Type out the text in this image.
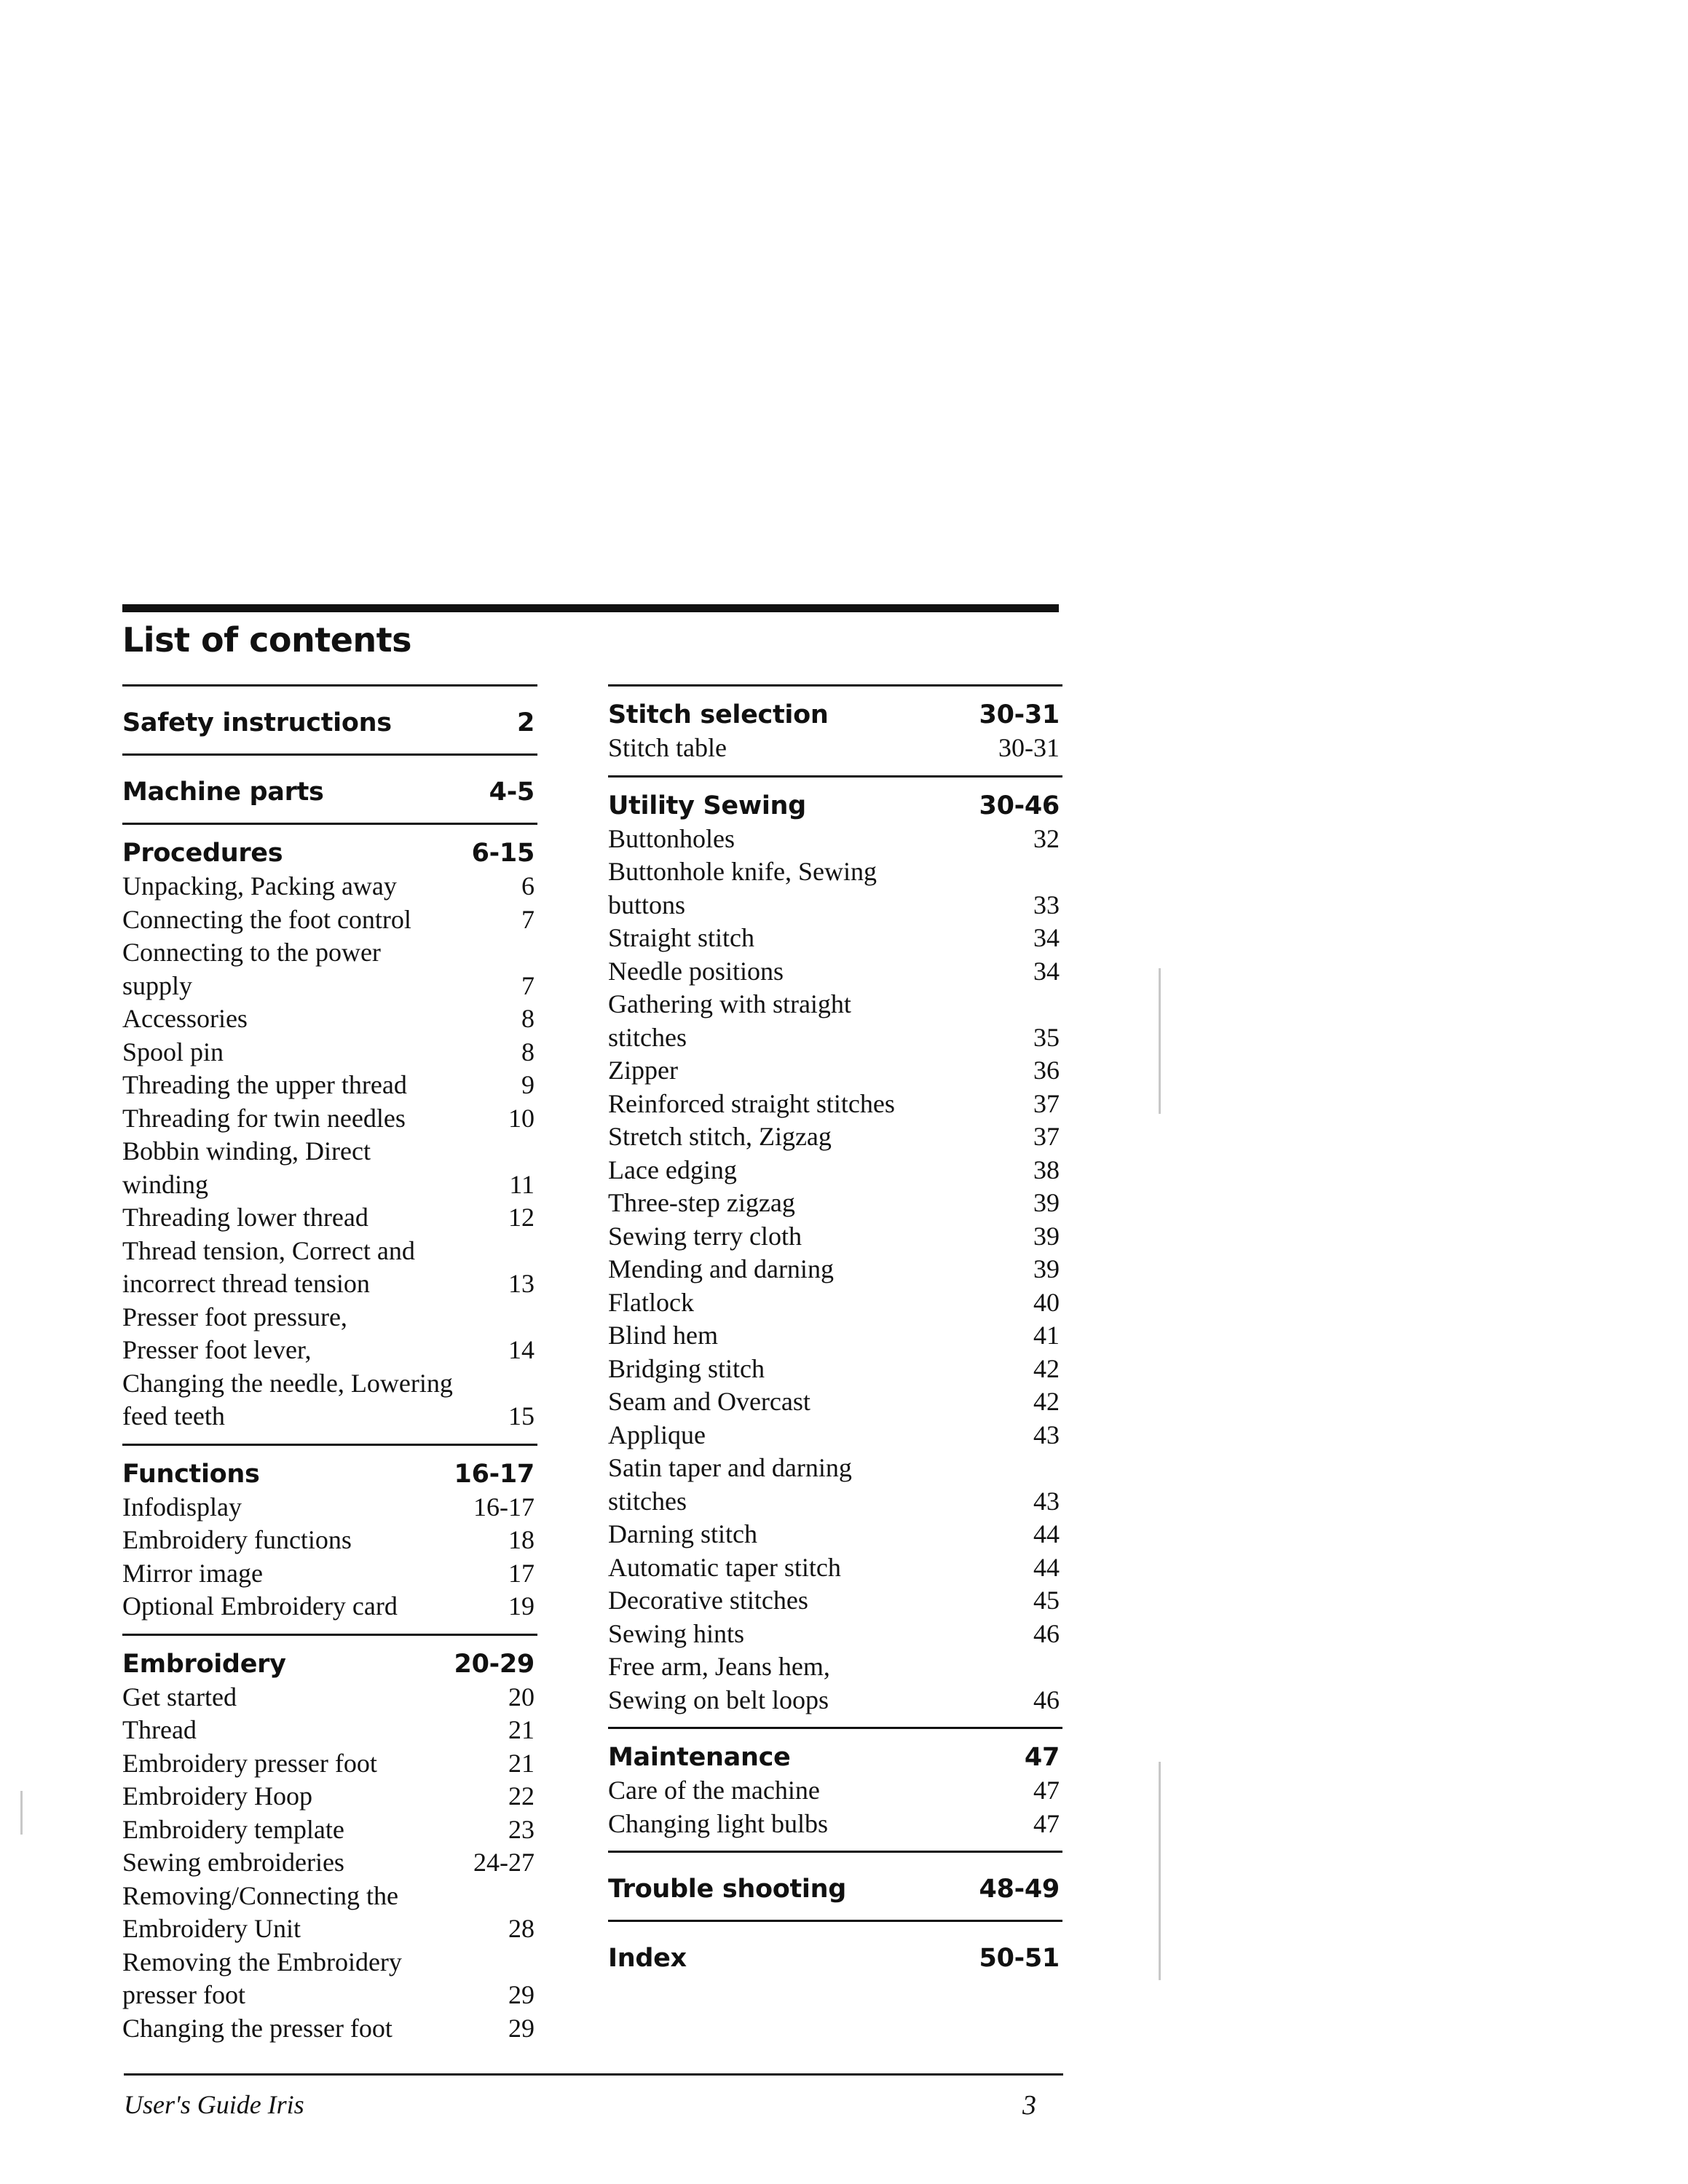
List of contents
Safety instructions	2
Machine parts	4-5
Procedures	6-15
Unpacking, Packing away	6
Connecting the foot control	7
Connecting to the power
supply	7
Accessories	8
Spool pin	8
Threading the upper thread	9
Threading for twin needles	10
Bobbin winding, Direct
winding	11
Threading lower thread	12
Thread tension, Correct and
incorrect thread tension	13
Presser foot pressure,
Presser foot lever,	14
Changing the needle, Lowering
feed teeth	15
Functions	16-17
Infodisplay	16-17
Embroidery functions	18
Mirror image	17
Optional Embroidery card	19
Embroidery	20-29
Get started	20
Thread	21
Embroidery presser foot	21
Embroidery Hoop	22
Embroidery template	23
Sewing embroideries	24-27
Removing/Connecting the
Embroidery Unit	28
Removing the Embroidery
presser foot	29
Changing the presser foot	29
Stitch selection	30-31
Stitch table	30-31
Utility Sewing	30-46
Buttonholes	32
Buttonhole knife, Sewing
buttons	33
Straight stitch	34
Needle positions	34
Gathering with straight
stitches	35
Zipper	36
Reinforced straight stitches	37
Stretch stitch, Zigzag	37
Lace edging	38
Three-step zigzag	39
Sewing terry cloth	39
Mending and darning	39
Flatlock	40
Blind hem	41
Bridging stitch	42
Seam and Overcast	42
Applique	43
Satin taper and darning
stitches	43
Darning stitch	44
Automatic taper stitch	44
Decorative stitches	45
Sewing hints	46
Free arm, Jeans hem,
Sewing on belt loops	46
Maintenance	47
Care of the machine	47
Changing light bulbs	47
Trouble shooting	48-49
Index	50-51
User's Guide Iris	3
